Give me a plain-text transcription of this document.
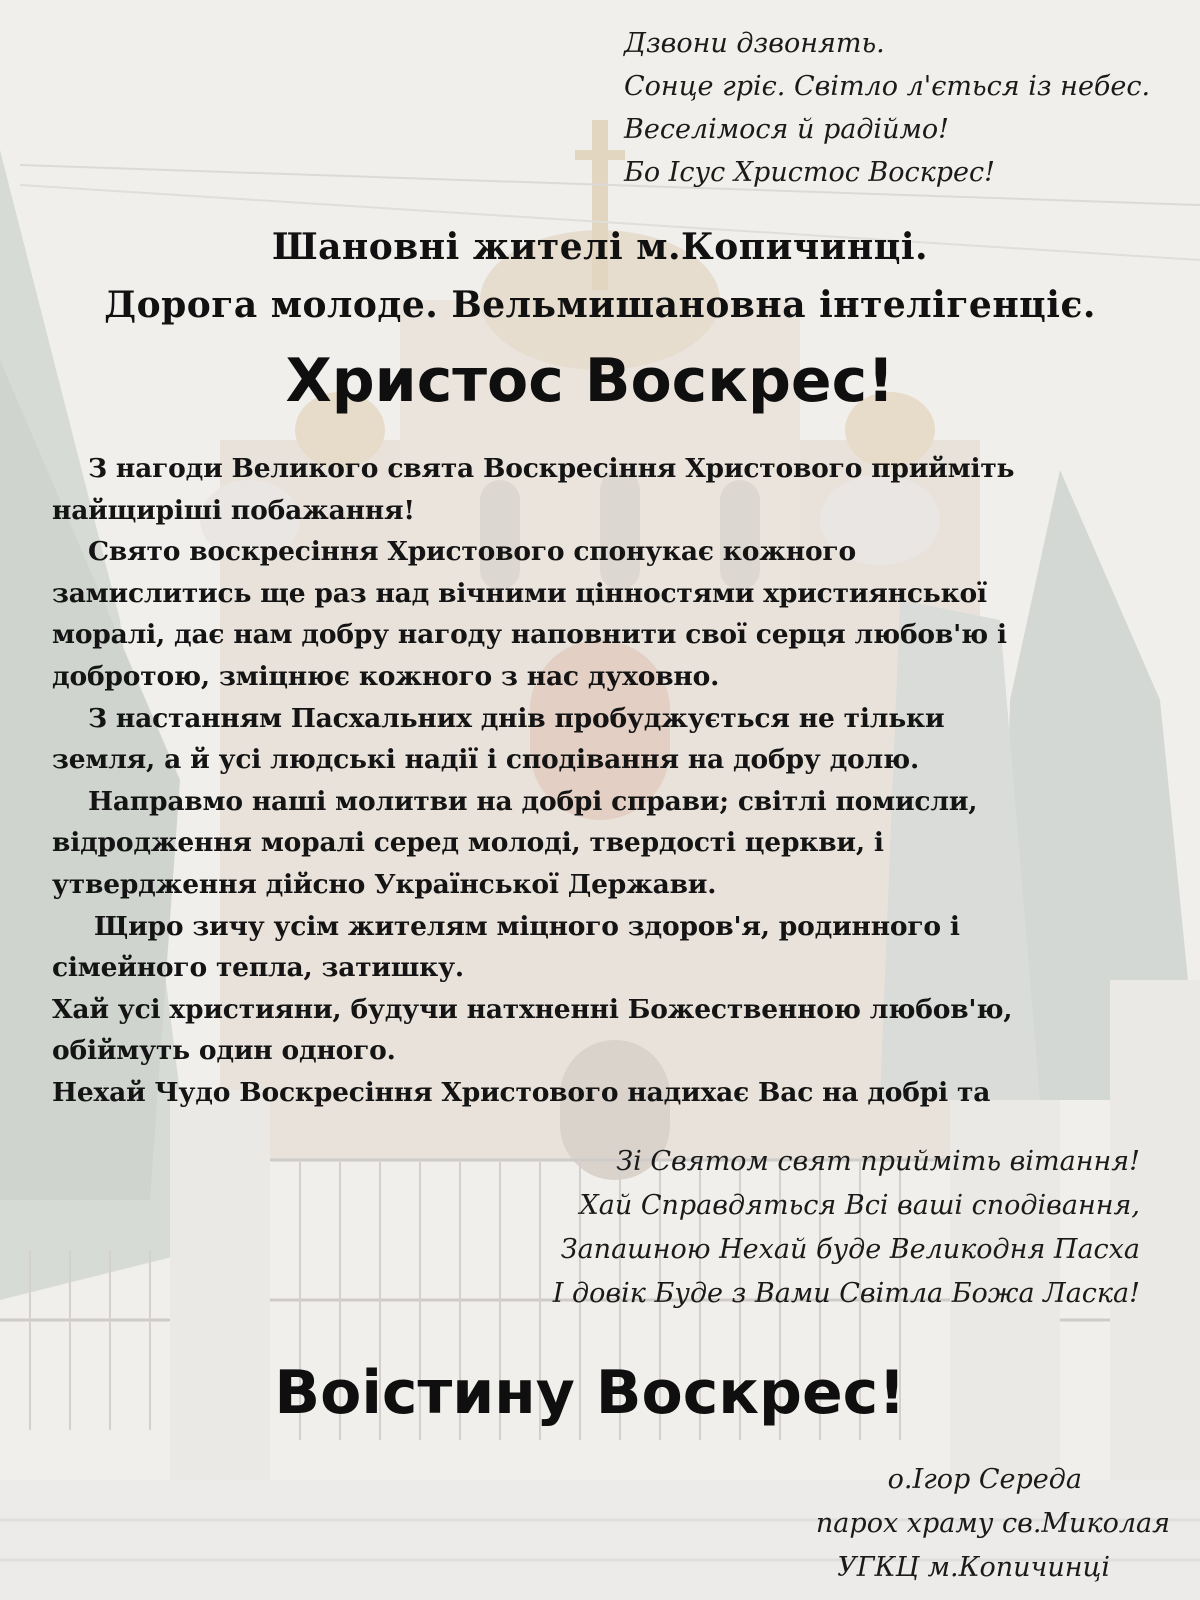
Дзвони дзвонять.
Сонце гріє. Світло л'ється із небес.
Веселімося й радіймо!
Бо Ісус Христос Воскрес!
Шановні жителі м.Копичинці.
Дорога молоде. Вельмишановна інтелігенціє.
Христос Воскрес!
З нагоди Великого свята Воскресіння Христового прийміть
найщиріші побажання!
Свято воскресіння Христового спонукає кожного
замислитись ще раз над вічними цінностями християнської
моралі, дає нам добру нагоду наповнити свої серця любов'ю і
добротою, зміцнює кожного з нас духовно.
З настанням Пасхальних днів пробуджується не тільки
земля, а й усі людські надії і сподівання на добру долю.
Направмо наші молитви на добрі справи; світлі помисли,
відродження моралі серед молоді, твердості церкви, і
утвердження дійсно Української Держави.
Щиро зичу усім жителям міцного здоров'я, родинного і
сімейного тепла, затишку.
Хай усі християни, будучи натхненні Божественною любов'ю,
обіймуть один одного.
Нехай Чудо Воскресіння Христового надихає Вас на добрі та
Зі Святом свят прийміть вітання!
Хай Справдяться Всі ваші сподівання,
Запашною Нехай буде Великодня Пасха
І довік Буде з Вами Світла Божа Ласка!
Воістину Воскрес!
о.Ігор Середа
парох храму св.Миколая
УГКЦ м.Копичинці
